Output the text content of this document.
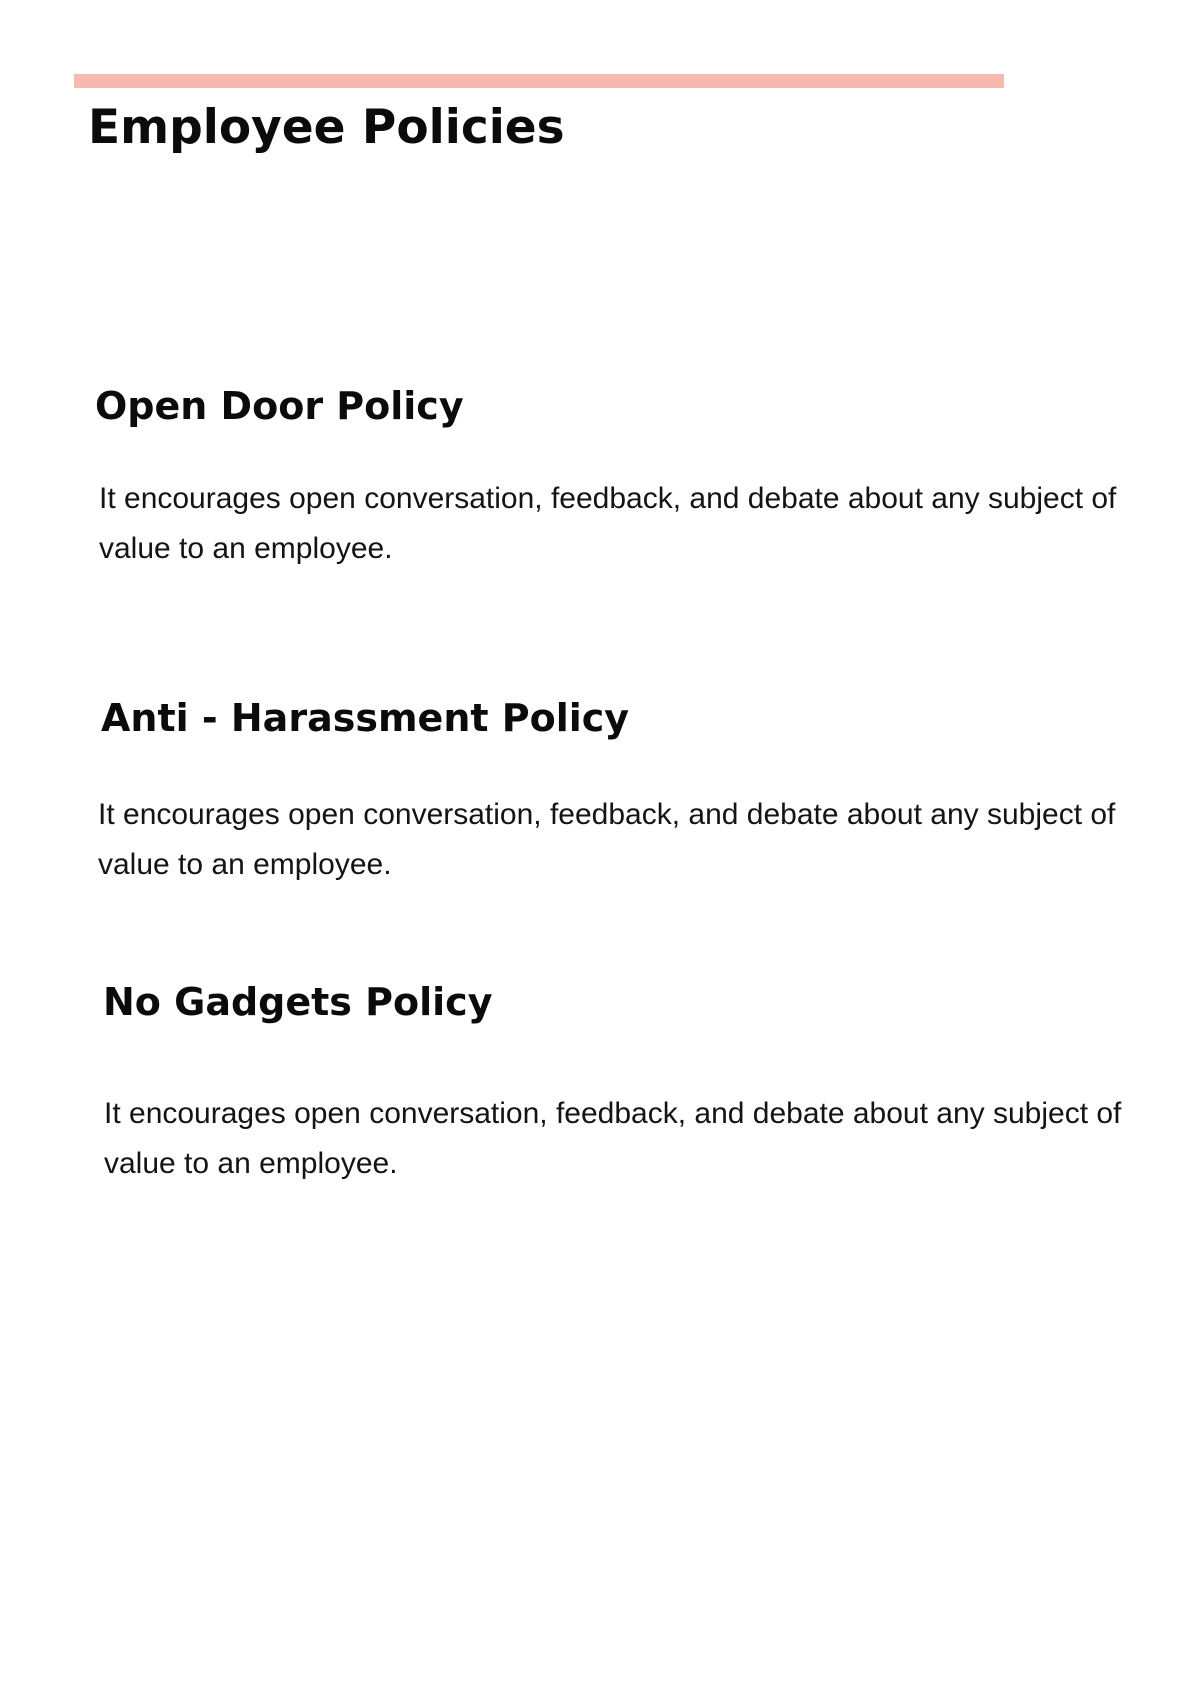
Employee Policies
Open Door Policy

It encourages open conversation, feedback, and debate about any subject of value to an employee.

Anti - Harassment Policy

It encourages open conversation, feedback, and debate about any subject of value to an employee.

No Gadgets Policy

It encourages open conversation, feedback, and debate about any subject of value to an employee.
